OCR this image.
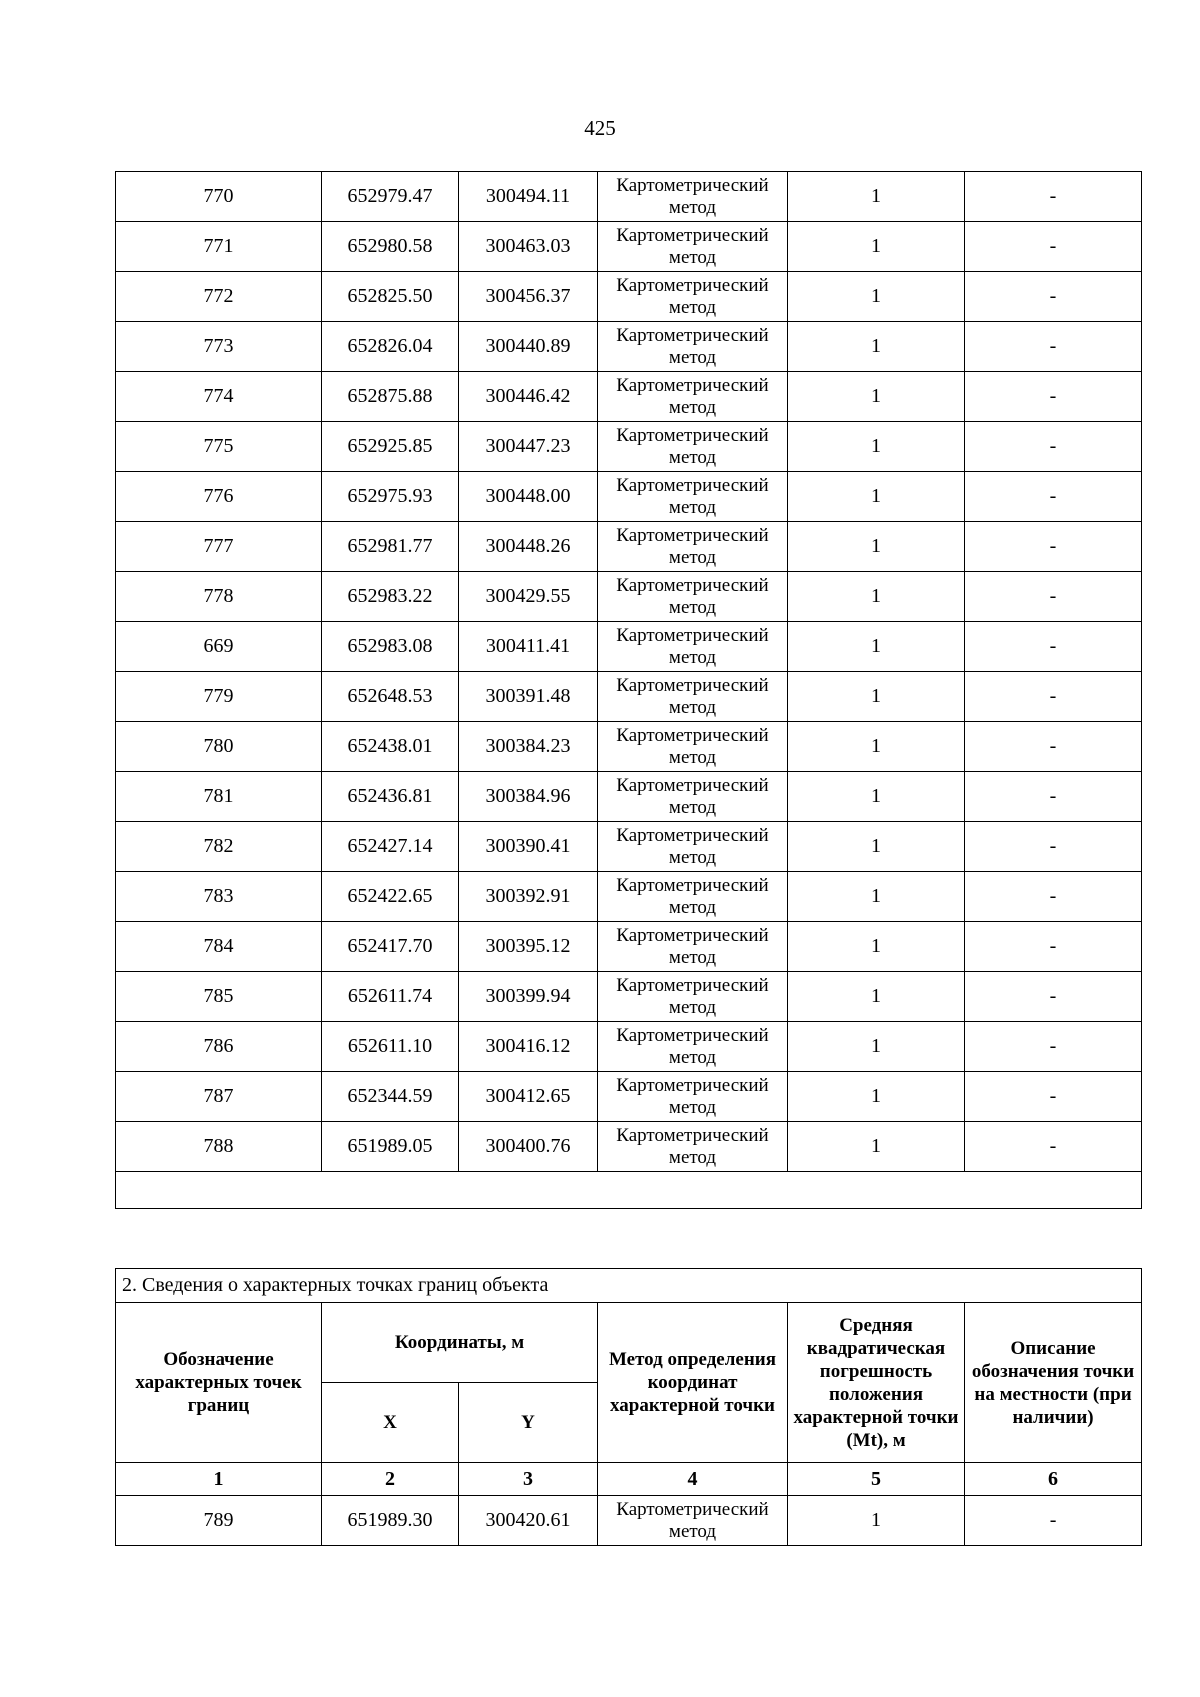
425
770	652979.47	300494.11	Картометрический метод	1	-
771	652980.58	300463.03	Картометрический метод	1	-
772	652825.50	300456.37	Картометрический метод	1	-
773	652826.04	300440.89	Картометрический метод	1	-
774	652875.88	300446.42	Картометрический метод	1	-
775	652925.85	300447.23	Картометрический метод	1	-
776	652975.93	300448.00	Картометрический метод	1	-
777	652981.77	300448.26	Картометрический метод	1	-
778	652983.22	300429.55	Картометрический метод	1	-
669	652983.08	300411.41	Картометрический метод	1	-
779	652648.53	300391.48	Картометрический метод	1	-
780	652438.01	300384.23	Картометрический метод	1	-
781	652436.81	300384.96	Картометрический метод	1	-
782	652427.14	300390.41	Картометрический метод	1	-
783	652422.65	300392.91	Картометрический метод	1	-
784	652417.70	300395.12	Картометрический метод	1	-
785	652611.74	300399.94	Картометрический метод	1	-
786	652611.10	300416.12	Картометрический метод	1	-
787	652344.59	300412.65	Картометрический метод	1	-
788	651989.05	300400.76	Картометрический метод	1	-

2. Сведения о характерных точках границ объекта					
Обозначение характерных точек границ	Координаты, м		Метод определения координат характерной точки	Средняя квадратическая погрешность положения характерной точки (Mt), м	Описание обозначения точки на местности (при наличии)
	X	Y			
1	2	3	4	5	6
789	651989.30	300420.61	Картометрический метод	1	-
